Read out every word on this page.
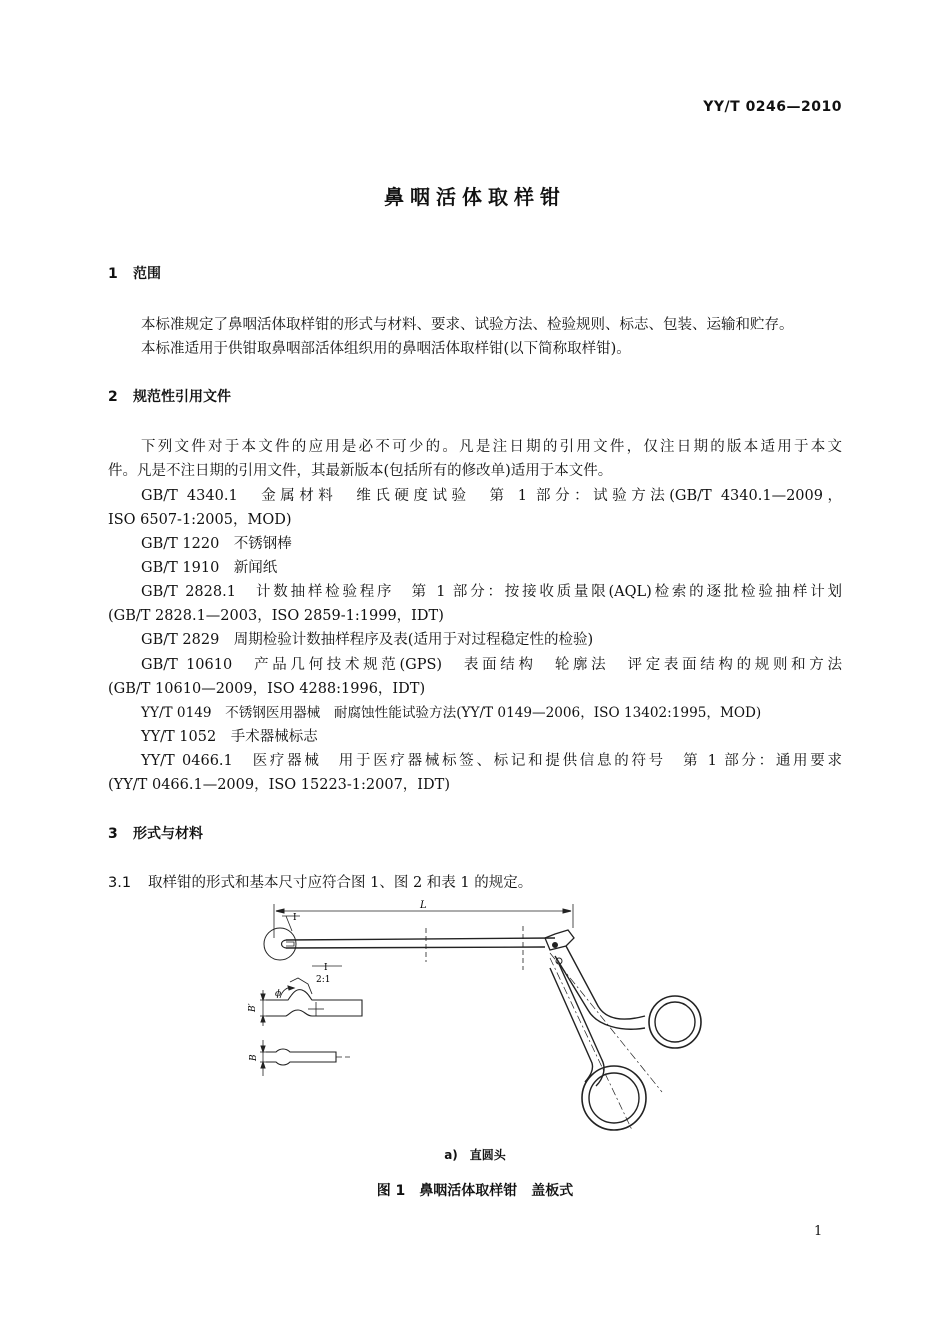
YY/T 0246—2010
鼻咽活体取样钳
1 范围
本标准规定了鼻咽活体取样钳的形式与材料、要求、试验方法、检验规则、标志、包装、运输和贮存。
本标准适用于供钳取鼻咽部活体组织用的鼻咽活体取样钳(以下简称取样钳)。
2 规范性引用文件
下列文件对于本文件的应用是必不可少的。凡是注日期的引用文件，仅注日期的版本适用于本文
件。凡是不注日期的引用文件，其最新版本(包括所有的修改单)适用于本文件。
GB/T 4340.1　金属材料　维氏硬度试验　第 1 部分：试验方法(GB/T 4340.1—2009，
ISO 6507-1:2005，MOD)
GB/T 1220　不锈钢棒
GB/T 1910　新闻纸
GB/T 2828.1　计数抽样检验程序　第 1 部分：按接收质量限(AQL)检索的逐批检验抽样计划
(GB/T 2828.1—2003，ISO 2859-1:1999，IDT)
GB/T 2829　周期检验计数抽样程序及表(适用于对过程稳定性的检验)
GB/T 10610　产品几何技术规范(GPS)　表面结构　轮廓法　评定表面结构的规则和方法
(GB/T 10610—2009，ISO 4288:1996，IDT)
YY/T 0149　不锈钢医用器械　耐腐蚀性能试验方法(YY/T 0149—2006，ISO 13402:1995，MOD)
YY/T 1052　手术器械标志
YY/T 0466.1　医疗器械　用于医疗器械标签、标记和提供信息的符号　第 1 部分：通用要求
(YY/T 0466.1—2009，ISO 15223-1:2007，IDT)
3 形式与材料
3.1 取样钳的形式和基本尺寸应符合图 1、图 2 和表 1 的规定。
L
I
I
2:1
B′
ϕ
B
a)  直圆头
图 1  鼻咽活体取样钳　盖板式
1
